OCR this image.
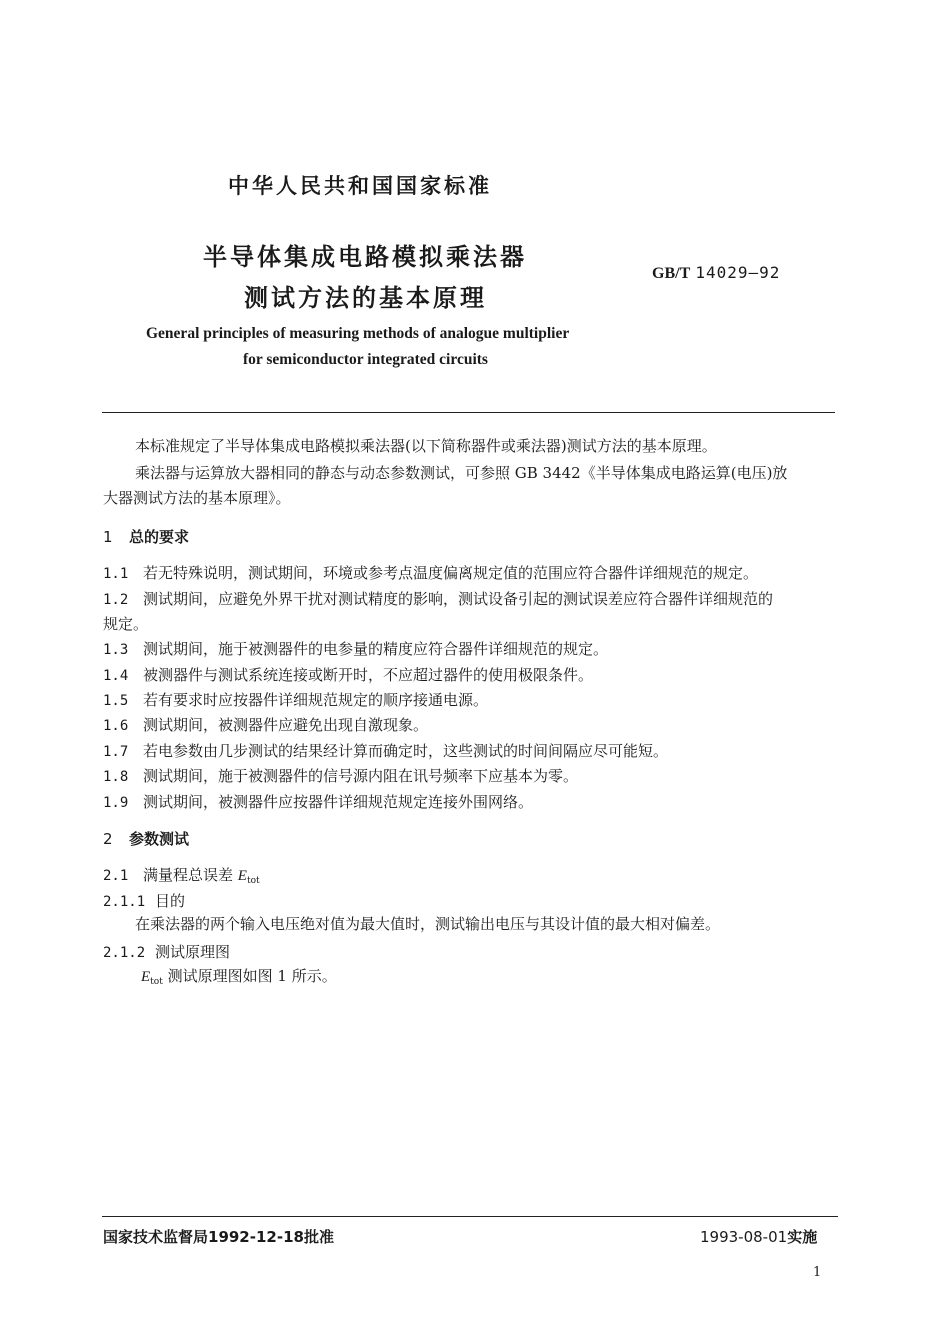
中华人民共和国国家标准
半导体集成电路模拟乘法器
测试方法的基本原理
GB/T 14029—92
General principles of measuring methods of analogue multiplier
for semiconductor integrated circuits
本标准规定了半导体集成电路模拟乘法器(以下简称器件或乘法器)测试方法的基本原理。
乘法器与运算放大器相同的静态与动态参数测试，可参照 GB 3442《半导体集成电路运算(电压)放
大器测试方法的基本原理》。
1 总的要求
1.1 若无特殊说明，测试期间，环境或参考点温度偏离规定值的范围应符合器件详细规范的规定。
1.2 测试期间，应避免外界干扰对测试精度的影响，测试设备引起的测试误差应符合器件详细规范的
规定。
1.3 测试期间，施于被测器件的电参量的精度应符合器件详细规范的规定。
1.4 被测器件与测试系统连接或断开时，不应超过器件的使用极限条件。
1.5 若有要求时应按器件详细规范规定的顺序接通电源。
1.6 测试期间，被测器件应避免出现自激现象。
1.7 若电参数由几步测试的结果经计算而确定时，这些测试的时间间隔应尽可能短。
1.8 测试期间，施于被测器件的信号源内阻在讯号频率下应基本为零。
1.9 测试期间，被测器件应按器件详细规范规定连接外围网络。
2 参数测试
2.1 满量程总误差 $E_{tot}$
2.1.1 目的
在乘法器的两个输入电压绝对值为最大值时，测试输出电压与其设计值的最大相对偏差。
2.1.2 测试原理图
$E_{tot}$ 测试原理图如图 1 所示。
国家技术监督局1992-12-18批准	1993-08-01实施
1
